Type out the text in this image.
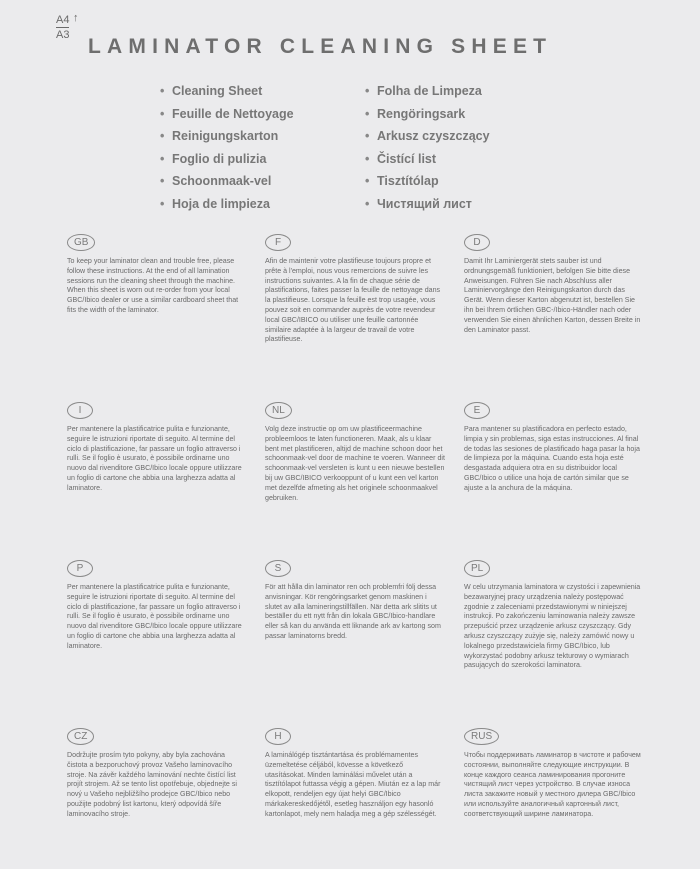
A4
A3
↑
LAMINATOR CLEANING SHEET
• Cleaning Sheet
• Feuille de Nettoyage
• Reinigungskarton
• Foglio di pulizia
• Schoonmaak-vel
• Hoja de limpieza
• Folha de Limpeza
• Rengöringsark
• Arkusz czyszczący
• Čistící list
• Tisztítólap
• Чистящий лист
GB
To keep your laminator clean and trouble free, please follow these instructions. At the end of all lamination sessions run the cleaning sheet through the machine. When this sheet is worn out re-order from your local GBC/Ibico dealer or use a similar cardboard sheet that fits the width of the laminator.
F
Afin de maintenir votre plastifieuse toujours propre et prête à l'emploi, nous vous remercions de suivre les instructions suivantes. A la fin de chaque série de plastifications, faites passer la feuille de nettoyage dans la plastifieuse. Lorsque la feuille est trop usagée, vous pouvez soit en commander auprès de votre revendeur local GBC/IBICO ou utiliser une feuille cartonnée similaire adaptée à la largeur de travail de votre plastifieuse.
D
Damit Ihr Laminiergerät stets sauber ist und ordnungsgemäß funktioniert, befolgen Sie bitte diese Anweisungen. Führen Sie nach Abschluss aller Laminiervorgänge den Reinigungskarton durch das Gerät. Wenn dieser Karton abgenutzt ist, bestellen Sie ihn bei Ihrem örtlichen GBC-/Ibico-Händler nach oder verwenden Sie einen ähnlichen Karton, dessen Breite in den Laminator passt.
I
Per mantenere la plastificatrice pulita e funzionante, seguire le istruzioni riportate di seguito. Al termine del ciclo di plastificazione, far passare un foglio attraverso i rulli. Se il foglio è usurato, è possibile ordinarne uno nuovo dal rivenditore GBC/Ibico locale oppure utilizzare un foglio di cartone che abbia una larghezza adatta al laminatore.
NL
Volg deze instructie op om uw plastificeermachine probleemloos te laten functioneren. Maak, als u klaar bent met plastificeren, altijd de machine schoon door het schoonmaak-vel door de machine te voeren. Wanneer dit schoonmaak-vel versleten is kunt u een nieuwe bestellen bij uw GBC/IBICO verkooppunt of u kunt een vel karton met dezelfde afmeting als het originele schoonmaakvel gebruiken.
E
Para mantener su plastificadora en perfecto estado, limpia y sin problemas, siga estas instrucciones. Al final de todas las sesiones de plastificado haga pasar la hoja de limpieza por la máquina. Cuando esta hoja esté desgastada adquiera otra en su distribuidor local GBC/Ibico o utilice una hoja de cartón similar que se ajuste a la anchura de la máquina.
P
Per mantenere la plastificatrice pulita e funzionante, seguire le istruzioni riportate di seguito. Al termine del ciclo di plastificazione, far passare un foglio attraverso i rulli. Se il foglio è usurato, è possibile ordinarne uno nuovo dal rivenditore GBC/Ibico locale oppure utilizzare un foglio di cartone che abbia una larghezza adatta al laminatore.
S
För att hålla din laminator ren och problemfri följ dessa anvisningar. Kör rengöringsarket genom maskinen i slutet av alla lamineringstillfällen. När detta ark slitits ut beställer du ett nytt från din lokala GBC/Ibico-handlare eller så kan du använda ett liknande ark av kartong som passar laminatorns bredd.
PL
W celu utrzymania laminatora w czystości i zapewnienia bezawaryjnej pracy urządzenia należy postępować zgodnie z zaleceniami przedstawionymi w niniejszej instrukcji. Po zakończeniu laminowania należy zawsze przepuścić przez urządzenie arkusz czyszczący. Gdy arkusz czyszczący zużyje się, należy zamówić nowy u lokalnego przedstawiciela firmy GBC/Ibico, lub wykorzystać podobny arkusz tekturowy o wymiarach pasujących do szerokości laminatora.
CZ
Dodržujte prosím tyto pokyny, aby byla zachována čistota a bezporuchový provoz Vašeho laminovacího stroje. Na závěr každého laminování nechte čistící list projít strojem. Až se tento list opotřebuje, objednejte si nový u Vašeho nejbližšího prodejce GBC/Ibico nebo použijte podobný list kartonu, který odpovídá šíře laminovacího stroje.
H
A laminálógép tisztántartása és problémamentes üzemeltetése céljából, kövesse a következő utasításokat. Minden laminálási művelet után a tisztítólapot futtassa végig a gépen. Miután ez a lap már elkopott, rendeljen egy újat helyi GBC/Ibico márkakereskedőjétől, esetleg használjon egy hasonló kartonlapot, mely nem haladja meg a gép szélességét.
RUS
Чтобы поддерживать ламинатор в чистоте и рабочем состоянии, выполняйте следующие инструкции. В конце каждого сеанса ламинирования прогоните чистящий лист через устройство. В случае износа листа закажите новый у местного дилера GBC/Ibico или используйте аналогичный картонный лист, соответствующий ширине ламинатора.
